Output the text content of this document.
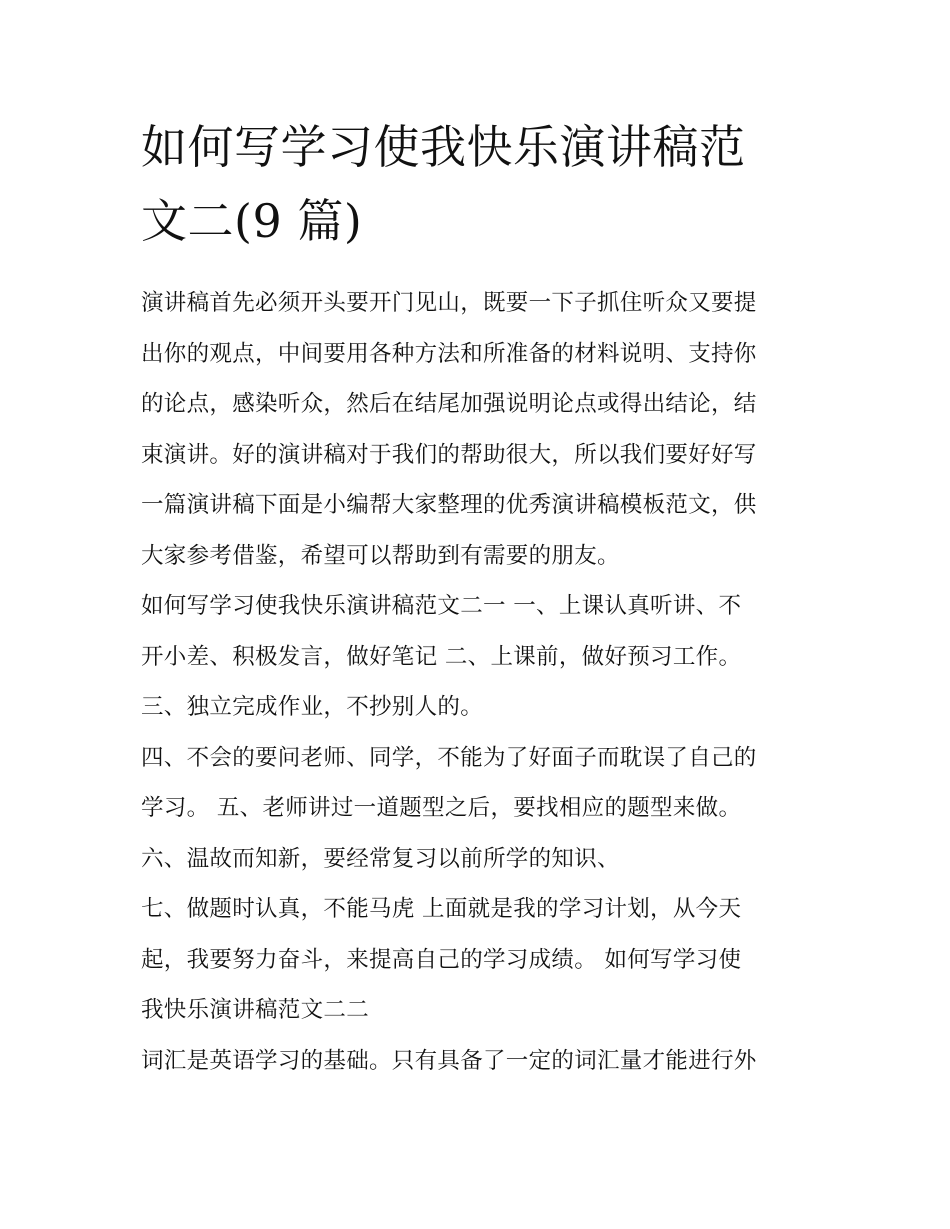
如何写学习使我快乐演讲稿范
文二(9 篇)

演讲稿首先必须开头要开门见山，既要一下子抓住听众又要提
出你的观点，中间要用各种方法和所准备的材料说明、支持你
的论点，感染听众，然后在结尾加强说明论点或得出结论，结
束演讲。好的演讲稿对于我们的帮助很大，所以我们要好好写
一篇演讲稿下面是小编帮大家整理的优秀演讲稿模板范文，供
大家参考借鉴，希望可以帮助到有需要的朋友。

如何写学习使我快乐演讲稿范文二一 一、上课认真听讲、不
开小差、积极发言，做好笔记 二、上课前，做好预习工作。

三、独立完成作业，不抄别人的。

四、不会的要问老师、同学，不能为了好面子而耽误了自己的
学习。 五、老师讲过一道题型之后，要找相应的题型来做。

六、温故而知新，要经常复习以前所学的知识、

七、做题时认真，不能马虎 上面就是我的学习计划，从今天
起，我要努力奋斗，来提高自己的学习成绩。 如何写学习使
我快乐演讲稿范文二二

词汇是英语学习的基础。只有具备了一定的词汇量才能进行外
